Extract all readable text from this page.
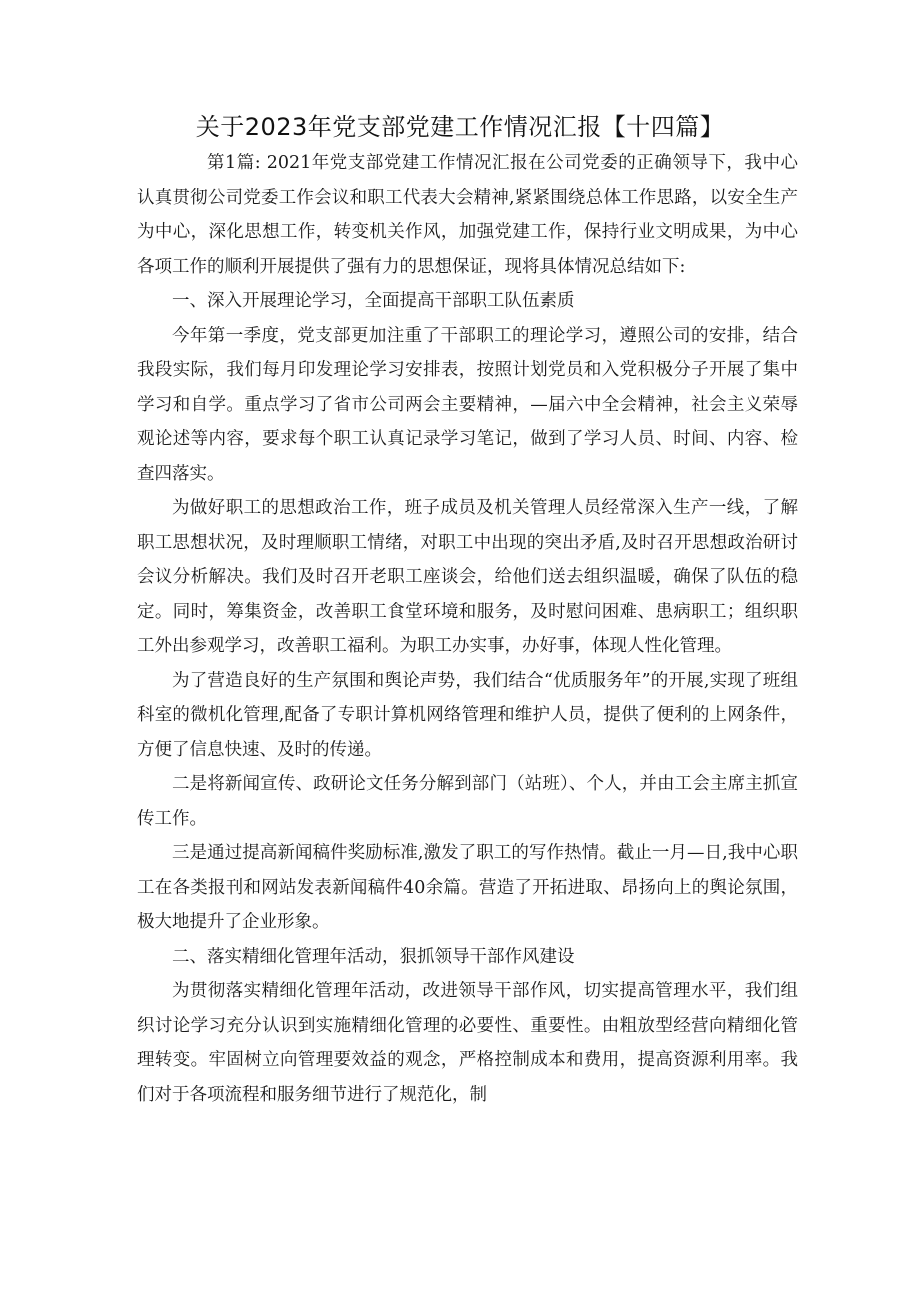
关于2023年党支部党建工作情况汇报【十四篇】

第1篇: 2021年党支部党建工作情况汇报在公司党委的正确领导下，我中心认真贯彻公司党委工作会议和职工代表大会精神,紧紧围绕总体工作思路，以安全生产为中心，深化思想工作，转变机关作风，加强党建工作，保持行业文明成果，为中心各项工作的顺利开展提供了强有力的思想保证，现将具体情况总结如下:

一、深入开展理论学习，全面提高干部职工队伍素质

今年第一季度，党支部更加注重了干部职工的理论学习，遵照公司的安排，结合我段实际，我们每月印发理论学习安排表，按照计划党员和入党积极分子开展了集中学习和自学。重点学习了省市公司两会主要精神，—届六中全会精神，社会主义荣辱观论述等内容，要求每个职工认真记录学习笔记，做到了学习人员、时间、内容、检查四落实。

为做好职工的思想政治工作，班子成员及机关管理人员经常深入生产一线，了解职工思想状况，及时理顺职工情绪，对职工中出现的突出矛盾,及时召开思想政治研讨会议分析解决。我们及时召开老职工座谈会，给他们送去组织温暖，确保了队伍的稳定。同时，筹集资金，改善职工食堂环境和服务，及时慰问困难、患病职工；组织职工外出参观学习，改善职工福利。为职工办实事，办好事，体现人性化管理。

为了营造良好的生产氛围和舆论声势，我们结合“优质服务年”的开展,实现了班组科室的微机化管理,配备了专职计算机网络管理和维护人员，提供了便利的上网条件，方便了信息快速、及时的传递。

二是将新闻宣传、政研论文任务分解到部门（站班）、个人，并由工会主席主抓宣传工作。

三是通过提高新闻稿件奖励标准,激发了职工的写作热情。截止一月—日,我中心职工在各类报刊和网站发表新闻稿件40余篇。营造了开拓进取、昂扬向上的舆论氛围，极大地提升了企业形象。

二、落实精细化管理年活动，狠抓领导干部作风建设

为贯彻落实精细化管理年活动，改进领导干部作风，切实提高管理水平，我们组织讨论学习充分认识到实施精细化管理的必要性、重要性。由粗放型经营向精细化管理转变。牢固树立向管理要效益的观念，严格控制成本和费用，提高资源利用率。我们对于各项流程和服务细节进行了规范化，制
